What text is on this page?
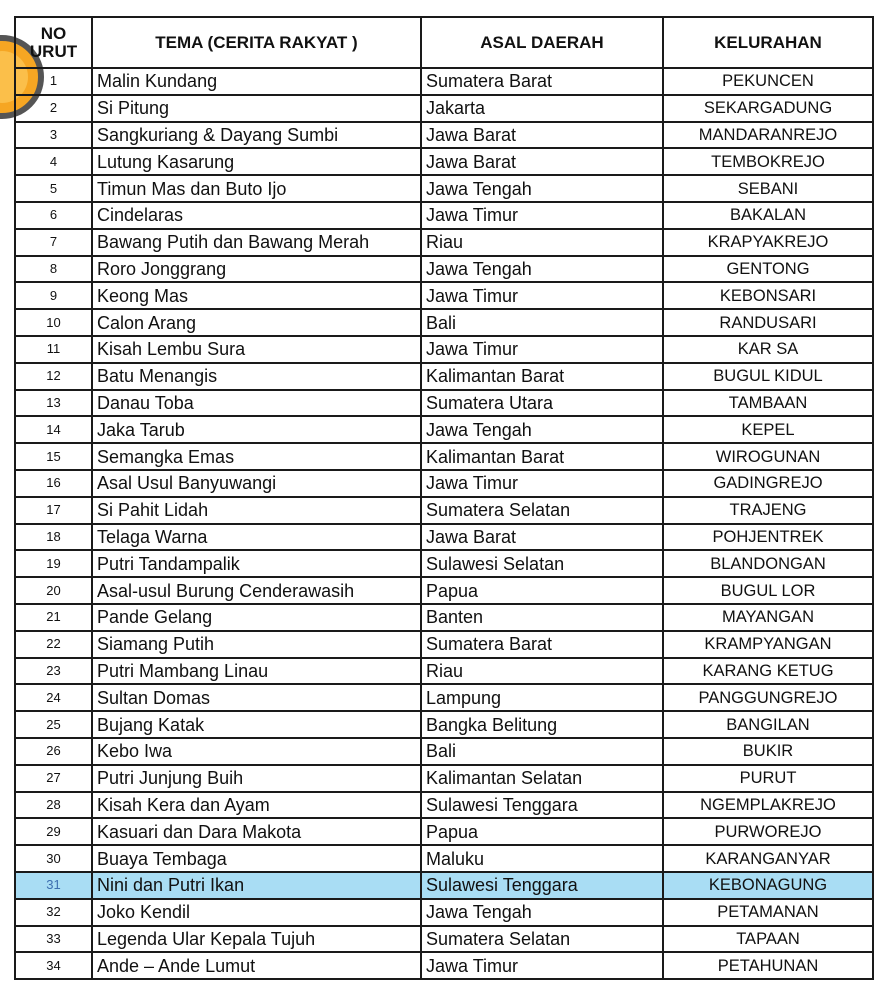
NO
URUT	TEMA (CERITA RAKYAT )	ASAL DAERAH	KELURAHAN
1	Malin Kundang	Sumatera Barat	PEKUNCEN
2	Si Pitung	Jakarta	SEKARGADUNG
3	Sangkuriang & Dayang Sumbi	Jawa Barat	MANDARANREJO
4	Lutung Kasarung	Jawa Barat	TEMBOKREJO
5	Timun Mas dan Buto Ijo	Jawa Tengah	SEBANI
6	Cindelaras	Jawa Timur	BAKALAN
7	Bawang Putih dan Bawang Merah	Riau	KRAPYAKREJO
8	Roro Jonggrang	Jawa Tengah	GENTONG
9	Keong Mas	Jawa Timur	KEBONSARI
10	Calon Arang	Bali	RANDUSARI
11	Kisah Lembu Sura	Jawa Timur	KAR SA
12	Batu Menangis	Kalimantan Barat	BUGUL KIDUL
13	Danau Toba	Sumatera Utara	TAMBAAN
14	Jaka Tarub	Jawa Tengah	KEPEL
15	Semangka Emas	Kalimantan Barat	WIROGUNAN
16	Asal Usul Banyuwangi	Jawa Timur	GADINGREJO
17	Si Pahit Lidah	Sumatera Selatan	TRAJENG
18	Telaga Warna	Jawa Barat	POHJENTREK
19	Putri Tandampalik	Sulawesi Selatan	BLANDONGAN
20	Asal-usul Burung Cenderawasih	Papua	BUGUL LOR
21	Pande Gelang	Banten	MAYANGAN
22	Siamang Putih	Sumatera Barat	KRAMPYANGAN
23	Putri Mambang Linau	Riau	KARANG KETUG
24	Sultan Domas	Lampung	PANGGUNGREJO
25	Bujang Katak	Bangka Belitung	BANGILAN
26	Kebo Iwa	Bali	BUKIR
27	Putri Junjung Buih	Kalimantan Selatan	PURUT
28	Kisah Kera dan Ayam	Sulawesi Tenggara	NGEMPLAKREJO
29	Kasuari dan Dara Makota	Papua	PURWOREJO
30	Buaya Tembaga	Maluku	KARANGANYAR
31	Nini dan Putri Ikan	Sulawesi Tenggara	KEBONAGUNG
32	Joko Kendil	Jawa Tengah	PETAMANAN
33	Legenda Ular Kepala Tujuh	Sumatera Selatan	TAPAAN
34	Ande – Ande Lumut	Jawa Timur	PETAHUNAN
